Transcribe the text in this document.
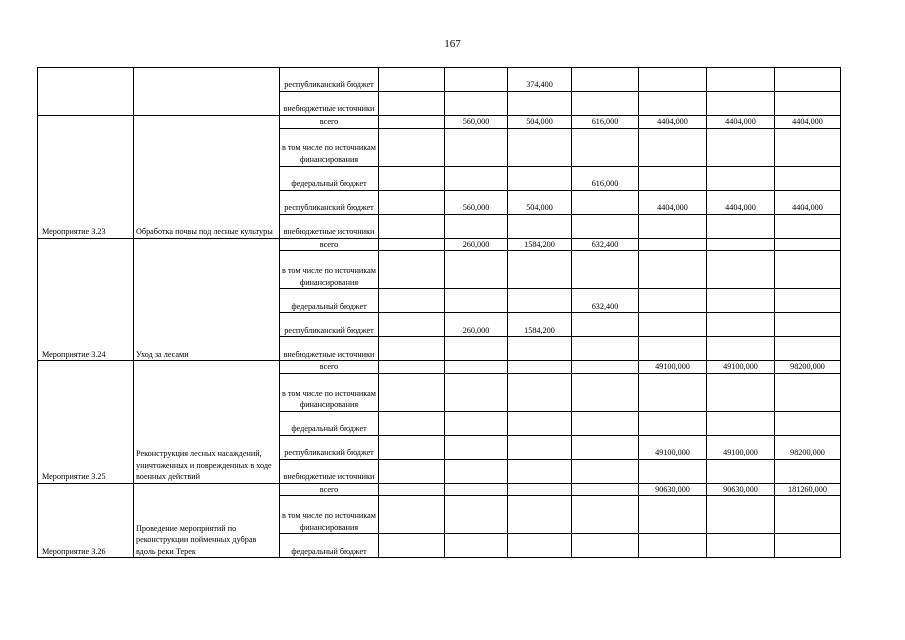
167
		республиканский бюджет			374,400				
		внебюджетные источники							
Мероприятие 3.23	Обработка почвы под лесные культуры	всего		560,000	504,000	616,000	4404,000	4404,000	4404,000
		в том числе по источникам финансирования							
		федеральный бюджет				616,000			
		республиканский бюджет		560,000	504,000		4404,000	4404,000	4404,000
		внебюджетные источники							
Мероприятие 3.24	Уход за лесами	всего		260,000	1584,200	632,400			
		в том числе по источникам финансирования							
		федеральный бюджет				632,400			
		республиканский бюджет		260,000	1584,200				
		внебюджетные источники							
Мероприятие 3.25	Реконструкция лесных насаждений, уничтоженных и поврежденных в ходе военных действий	всего					49100,000	49100,000	98200,000
		в том числе по источникам финансирования							
		федеральный бюджет							
		республиканский бюджет					49100,000	49100,000	98200,000
		внебюджетные источники							
Мероприятие 3.26	Проведение мероприятий по реконструкции пойменных дубрав вдоль реки Терек	всего					90630,000	90630,000	181260,000
		в том числе по источникам финансирования							
		федеральный бюджет							
